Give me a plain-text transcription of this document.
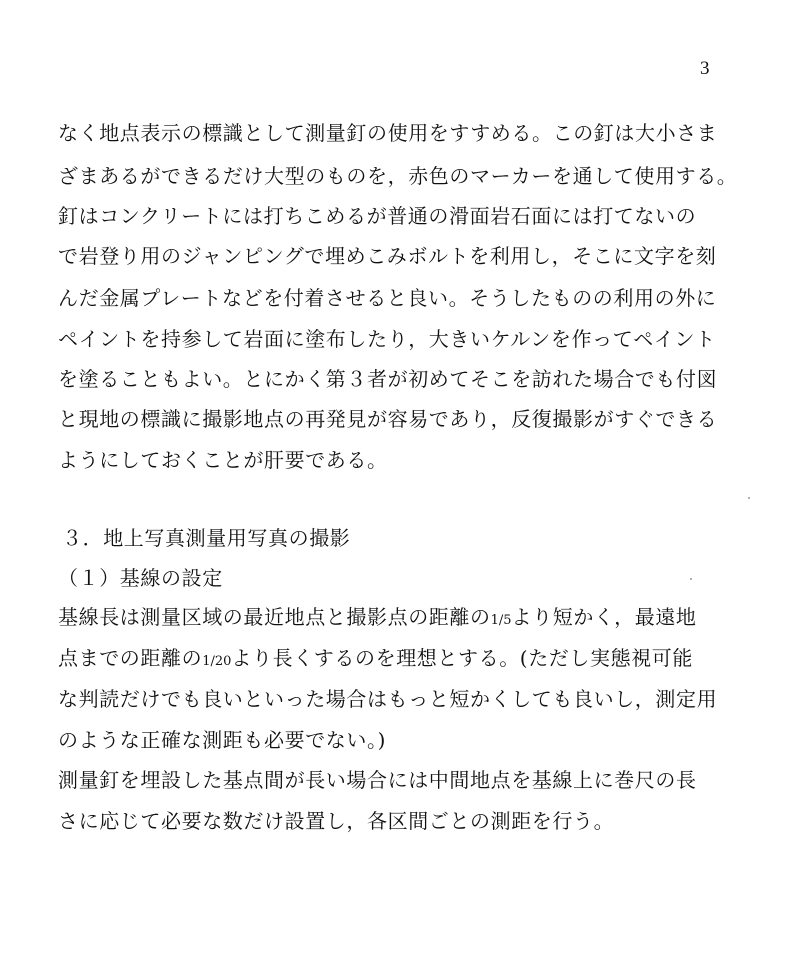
3
なく地点表示の標識として測量釘の使用をすすめる。この釘は大小さま
ざまあるができるだけ大型のものを，赤色のマーカーを通して使用する。
釘はコンクリートには打ちこめるが普通の滑面岩石面には打てないの
で岩登り用のジャンピングで埋めこみボルトを利用し，そこに文字を刻
んだ金属プレートなどを付着させると良い。そうしたものの利用の外に
ペイントを持参して岩面に塗布したり，大きいケルンを作ってペイント
を塗ることもよい。とにかく第３者が初めてそこを訪れた場合でも付図
と現地の標識に撮影地点の再発見が容易であり，反復撮影がすぐできる
ようにしておくことが肝要である。
３．地上写真測量用写真の撮影
（１）基線の設定
基線長は測量区域の最近地点と撮影点の距離の1/5より短かく，最遠地
点までの距離の1/20より長くするのを理想とする。(ただし実態視可能
な判読だけでも良いといった場合はもっと短かくしても良いし，測定用
のような正確な測距も必要でない。)
測量釘を埋設した基点間が長い場合には中間地点を基線上に巻尺の長
さに応じて必要な数だけ設置し，各区間ごとの測距を行う。
